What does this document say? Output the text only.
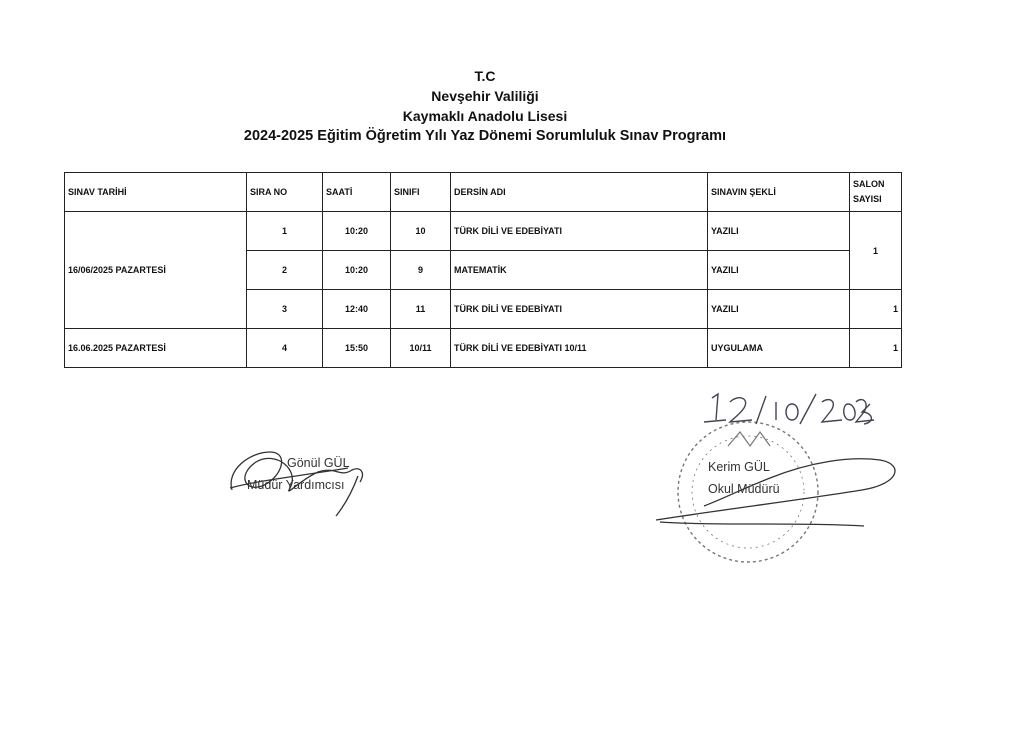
T.C
Nevşehir Valiliği
Kaymaklı Anadolu Lisesi
2024-2025 Eğitim Öğretim Yılı Yaz Dönemi Sorumluluk Sınav Programı
SINAV TARİHİ	SIRA NO	SAATİ	SINIFI	DERSİN ADI	SINAVIN ŞEKLİ	SALON
SAYISI
16/06/2025 PAZARTESİ	1	10:20	10	TÜRK DİLİ VE EDEBİYATI	YAZILI	1
	2	10:20	9	MATEMATİK	YAZILI	
	3	12:40	11	TÜRK DİLİ VE EDEBİYATI	YAZILI	1
16.06.2025 PAZARTESİ	4	15:50	10/11	TÜRK DİLİ VE EDEBİYATI 10/11	UYGULAMA	1
Gönül GÜL
Müdür Yardımcısı
Kerim GÜL
Okul Müdürü
